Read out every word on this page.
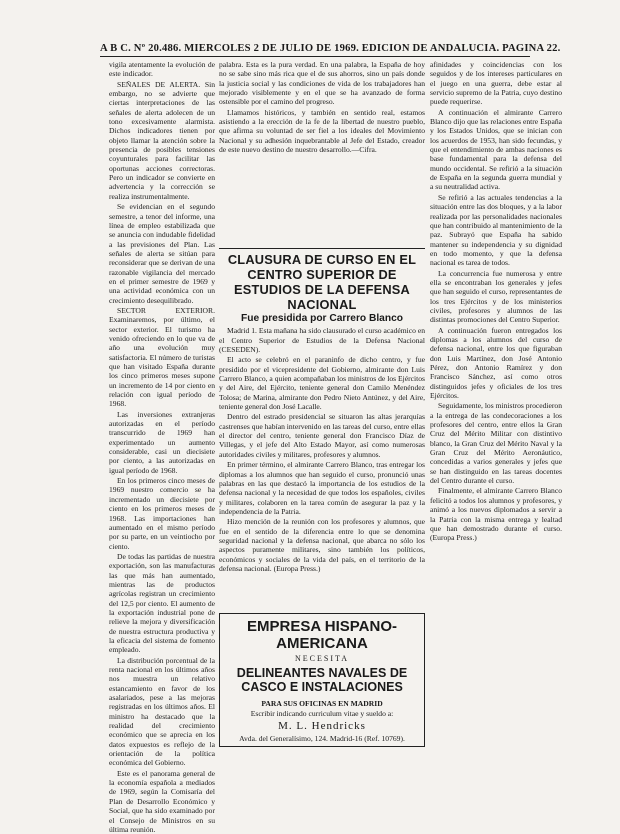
A B C. Nº 20.486. MIERCOLES 2 DE JULIO DE 1969. EDICION DE ANDALUCIA. PAGINA 22.

vigila atentamente la evolución de este indicador.

SEÑALES DE ALERTA. Sin embargo, no se advierte que ciertas interpretaciones de las señales de alerta adolecen de un tono excesivamente alarmista. Dichos indicadores tienen por objeto llamar la atención sobre la presencia de posibles tensiones coyunturales para facilitar las oportunas acciones correctoras. Pero un indicador se convierte en advertencia y la corrección se realiza instrumentalmente.

Se evidencian en el segundo semestre, a tenor del informe, una línea de empleo estabilizada que se anuncia con indudable fidelidad a las previsiones del Plan. Las señales de alerta se sitúan para reconsiderar que se derivan de una razonable vigilancia del mercado en el primer semestre de 1969 y una actividad económica con un crecimiento desequilibrado.

SECTOR EXTERIOR. Examinaremos, por último, el sector exterior. El turismo ha venido ofreciendo en lo que va de año una evolución muy satisfactoria. El número de turistas que han visitado España durante los cinco primeros meses supone un incremento de 14 por ciento en relación con igual período de 1968.

Las inversiones extranjeras autorizadas en el período transcurrido de 1969 han experimentado un aumento considerable, casi un diecisiete por ciento, a las autorizadas en igual período de 1968.

En los primeros cinco meses de 1969 nuestro comercio se ha incrementado un diecisiete por ciento en los primeros meses de 1968. Las importaciones han aumentado en el mismo período por su parte, en un veintiocho por ciento.

De todas las partidas de nuestra exportación, son las manufacturas las que más han aumentado, mientras las de productos agrícolas registran un crecimiento del 12,5 por ciento. El aumento de la exportación industrial pone de relieve la mejora y diversificación de nuestra estructura productiva y la eficacia del sistema de fomento empleado.

La distribución porcentual de la renta nacional en los últimos años nos muestra un relativo estancamiento en favor de los asalariados, pese a las mejoras registradas en los últimos años. El ministro ha destacado que la realidad del crecimiento económico que se aprecia en los datos expuestos es reflejo de la orientación de la política económica del Gobierno.

Este es el panorama general de la economía española a mediados de 1969, según la Comisaría del Plan de Desarrollo Económico y Social, que ha sido examinado por el Consejo de Ministros en su última reunión.

palabra. Esta es la pura verdad. En una palabra, la España de hoy no se sabe sino más rica que el de sus ahorros, sino un país donde la justicia social y las condiciones de vida de los trabajadores han mejorado visiblemente y en el que se ha avanzado de forma ostensible por el camino del progreso.

Llamamos históricos, y también en sentido real, estamos asistiendo a la erección de la fe de la libertad de nuestro pueblo, que afirma su voluntad de ser fiel a los ideales del Movimiento Nacional y su adhesión inquebrantable al Jefe del Estado, creador de este nuevo destino de nuestro desarrollo.—Cifra.

CLAUSURA DE CURSO EN EL CENTRO SUPERIOR DE ESTUDIOS DE LA DEFENSA NACIONAL
Fue presidida por Carrero Blanco

Madrid 1. Esta mañana ha sido clausurado el curso académico en el Centro Superior de Estudios de la Defensa Nacional (CESEDEN).

El acto se celebró en el paraninfo de dicho centro, y fue presidido por el vicepresidente del Gobierno, almirante don Luis Carrero Blanco, a quien acompañaban los ministros de los Ejércitos y del Aire, del Ejército, teniente general don Camilo Menéndez Tolosa; de Marina, almirante don Pedro Nieto Antúnez, y del Aire, teniente general don José Lacalle.

Dentro del estrado presidencial se situaron las altas jerarquías castrenses que habían intervenido en las tareas del curso, entre ellas el director del centro, teniente general don Francisco Díaz de Villegas, y el jefe del Alto Estado Mayor, así como numerosas autoridades civiles y militares, profesores y alumnos.

En primer término, el almirante Carrero Blanco, tras entregar los diplomas a los alumnos que han seguido el curso, pronunció unas palabras en las que destacó la importancia de los estudios de la defensa nacional y la necesidad de que todos los españoles, civiles y militares, colaboren en la tarea común de asegurar la paz y la independencia de la Patria.

Hizo mención de la reunión con los profesores y alumnos, que fue en el sentido de la diferencia entre lo que se denomina seguridad nacional y la defensa nacional, que abarca no sólo los aspectos puramente militares, sino también los políticos, económicos y sociales de la vida del país, en el territorio de la defensa nacional. (Europa Press.)

EMPRESA HISPANO-AMERICANA
NECESITA
DELINEANTES NAVALES DE CASCO E INSTALACIONES
PARA SUS OFICINAS EN MADRID
Escribir indicando curriculum vitae y sueldo a:
M. L. Hendricks
Avda. del Generalísimo, 124. Madrid-16 (Ref. 10769).

afinidades y coincidencias con los seguidos y de los intereses particulares en el juego en una guerra, debe estar al servicio supremo de la Patria, cuyo destino puede requerirse.

A continuación el almirante Carrero Blanco dijo que las relaciones entre España y los Estados Unidos, que se inician con los acuerdos de 1953, han sido fecundas, y que el entendimiento de ambas naciones es base fundamental para la defensa del mundo occidental. Se refirió a la situación de España en la segunda guerra mundial y a su neutralidad activa.

Se refirió a las actuales tendencias a la situación entre las dos bloques, y a la labor realizada por las personalidades nacionales que han contribuido al mantenimiento de la paz. Subrayó que España ha sabido mantener su independencia y su dignidad en todo momento, y que la defensa nacional es tarea de todos.

La concurrencia fue numerosa y entre ella se encontraban los generales y jefes que han seguido el curso, representantes de los tres Ejércitos y de los ministerios civiles, profesores y alumnos de las distintas promociones del Centro Superior.

A continuación fueron entregados los diplomas a los alumnos del curso de defensa nacional, entre los que figuraban don Luis Martínez, don José Antonio Pérez, don Antonio Ramírez y don Francisco Sánchez, así como otros distinguidos jefes y oficiales de los tres Ejércitos.

Seguidamente, los ministros procedieron a la entrega de las condecoraciones a los profesores del centro, entre ellos la Gran Cruz del Mérito Militar con distintivo blanco, la Gran Cruz del Mérito Naval y la Gran Cruz del Mérito Aeronáutico, concedidas a varios generales y jefes que se han distinguido en las tareas docentes del Centro durante el curso.

Finalmente, el almirante Carrero Blanco felicitó a todos los alumnos y profesores, y animó a los nuevos diplomados a servir a la Patria con la misma entrega y lealtad que han demostrado durante el curso. (Europa Press.)
